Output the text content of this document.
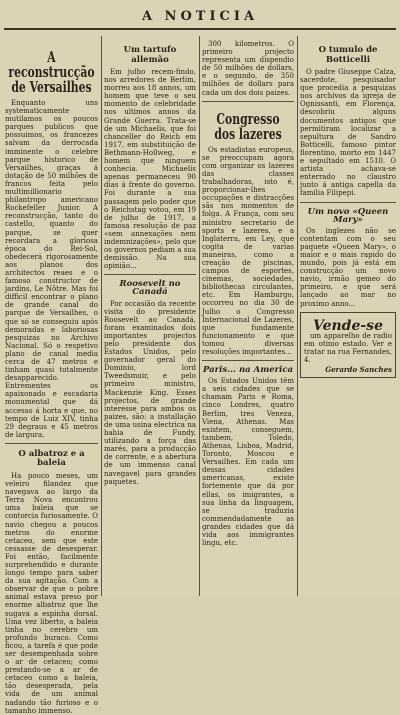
A NOTICIA
A reconstrucção de Versailhes

Enquanto uns systematicamente mutilamos os poucos parques publicos que possuimos, os francezes salvam da derrocada imminente o celebre parque historico de Versailhes, graças á dotação de 50 milhões de francos feita pelo multimillionario philantropo americano Rockefeller Junior. A reconstrucção, tanto do castello, quanto do parque, se quer recordara a gloriosa época do Rei-Sol, obedecerá rigorosamente aos planos dos architectos reaes e o famoso constructor de jardins, Le Nôtre. Mas foi difficil encontrar o plano de grande canal do parque de Versailhes, o que só se conseguiu após demoradas e laboriosas pesquizas no Archivo Nacional. Só o respetivo plano de canal media cerca de 47 metros e tinham quasi totalmente desapparecido. Entrementes os apaixonado e escadaria monumental que dá accesso á horta e que, no tempo de Luiz XIV, tinha 29 degraus e 45 metros de largura.

O albatroz e a baleia

Ha pouco meses, um veleiro filandez que navegava ao largo da Terra Nova encontrou uma baleia que se contorcia furiosamente. O navio chegou a poucos metros do enorme cetaceo, sem que este cessasse de desesperar. Foi então, facilmente surprehendido e durante longo tempo para saber da sua agitação. Com a observar de que o pobre animal estava preso por enorme albatroz que lhe sugava a espinha dorsal. Uma vez liberto, a baleia tinha no cerebro um profundo buraco. Como ficou, a tarefa é que pode ser desempenhada sobre o ar de cetaceo; como prestando-se a ar de cetaceo como a baleia, tão desesperada, pela vida de um animal nadando tão furioso e o tamanho immenso.

Um tartufo allemão

Em julho recem-findo, nos arredores de Berlim, morreu aos 18 annos, um homem que teve o seu momento de celebridade nos ultimos annos da Grande Guerra. Trata-se de um Michaelis, que foi chanceller do Reich em 1917, em substituição de Bethmann-Hollweg, e homem que ninguem conhecia. Michaelis apenas permaneceu 90 dias á frente do governo. Foi durante a sua passagem pelo poder que o Reichstag votou, em 19 de julho de 1917, a famosa resolução de paz «sem annexações nem indemnizações», pelo que os governos pediam a sua demissão. Na sua opinião...

Roosevelt no Canadá

Por occasião da recente visita do presidente Roosevelt ao Canadá, foram examinados dois importantes projectos pelo presidente dos Estados Unidos, pelo governador geral do Dominio, lord Tweedsmuir, e pelo primeiro ministro, Mackenzie King. Esses projectos, de grande interesse para ambos os paizes, são: a installação de uma usina electrica na bahia de Fundy, utilizando a força das marés, para a producção de corrente, e a abertura de um immenso canal navegavel para grandes paquetes.

300 kilometros. O primeiro projecto representa um dispendio de 50 milhões de dollars, e o segundo, de 350 milhões de dollars para cada um dos dois paizes.

Congresso dos lazeres

Os estadistas europeus, se preoccupam agora com organizar os lazeres das classes trabalhadoras, isto é, proporcionar-lhes occupações e distracções sãs nos momentos de folga. A França, com seu ministro secretario de sports e lazeres, e a Inglaterra, em Ley, que cogita de varias maneiras, como a creação de piscinas, campos de esportes, cinemas, sociedades, bibliothecas circulantes, etc. Em Hamburgo, occorreu no dia 30 de Julho o Congresso Internacional de Lazeres, que fundamente funcionamento e que tomou diversas resoluções importantes...

Paris... na America

Os Estados Unidos têm a seis cidades que se chamam Paris e Roma, cinco Londres, quatro Berlim, tres Veneza, Viena, Athenas. Mas existem, conseguem, tambem, Toledo, Athenas, Lisboa, Madrid, Toronto, Moscou e Versailhes. Em cada um dessas cidades americanas, existe fortemente que dá por ellas, os imigrantes, a sua linha da linguagem, se traduzia commendadamente as grandes cidades que dá vida aos immigrantes lingu, etc.

O tumulo de Botticelli

O padre Giuseppe Calza, sacerdote, pesquisador que procedia a pesquizas nos archivos da igreja de Ognissanti, em Florença, descobriu alguns documentos antigos que permitiram localizar a sepultura de Sandro Botticelli, famoso pintor florentino, morto em 1447 e sepultado em 1510. O artista achava-se enterrado no claustro junto á antiga capella da familia Filipepi.

Um novo «Queen Mary»

Os inglezes não se contentam com o seu paquete «Queen Mary», o maior e o mais rapido do mundo, pois já está em construcção um novo navio, irmão gemeo do primeiro, e que será lançado ao mar no proximo anno...

Vende-se

um apparelho de radio em otimo estado. Ver e tratar na rua Fernandes, 4.

Gerardo Sanches
